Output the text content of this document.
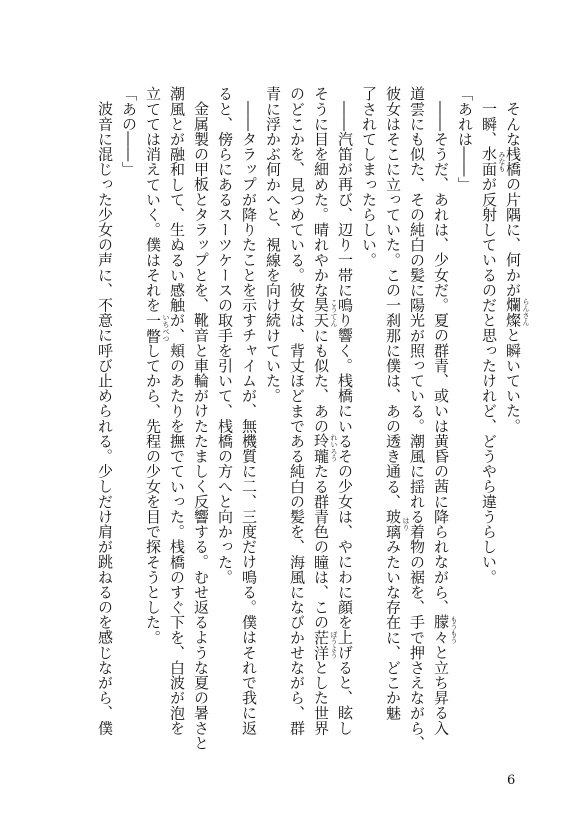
そんな桟橋の片隅に、何かが爛燦 らんさん
と瞬いていた。
一瞬、水面 みなも
が反射しているのだと思ったけれど、どうやら違うらしい。
「あれは――」
――そうだ、あれは、少女だ。夏の群青、或いは黄昏の茜に降られながら、朦々 もうもう
と立ち昇る入
道雲にも似た、その純白の髪に陽光が照っている。潮風に揺れる着物の裾を、手で押さえながら、
彼女はそこに立っていた。この一刹那に僕は、あの透き通る、玻璃 はり
みたいな存在に、どこか魅
了されてしまったらしい。
――汽笛が再び、辺り一帯に鳴り響く。桟橋にいるその少女は、やにわに顔を上げると、眩し
そうに目を細めた。晴れやかな昊天 こうてん
にも似た、あの玲瓏 れいろう
たる群青色の瞳は、この茫洋 ぼうよう
とした世界
のどこかを、見つめている。彼女は、背丈ほどまである純白の髪を、海風になびかせながら、群
青に浮かぶ何かへと、視線を向け続けていた。
――タラップが降りたことを示すチャイムが、無機質に二、三度だけ鳴る。僕はそれで我に返
ると、傍らにあるスーツケースの取手を引いて、桟橋の方へと向かった。
金属製の甲板とタラップとを、靴音と車輪がけたたましく反響する。むせ返るような夏の暑さと
潮風とが融和して、生ぬるい感触が、頬のあたりを撫でていった。桟橋のすぐ下を、白波が泡を
立てては消えていく。僕はそれを一瞥 いちべつ
してから、先程の少女を目で探そうとした。
「あの――」
波音に混じった少女の声に、不意に呼び止められる。少しだけ肩が跳ねるのを感じながら、僕
6
